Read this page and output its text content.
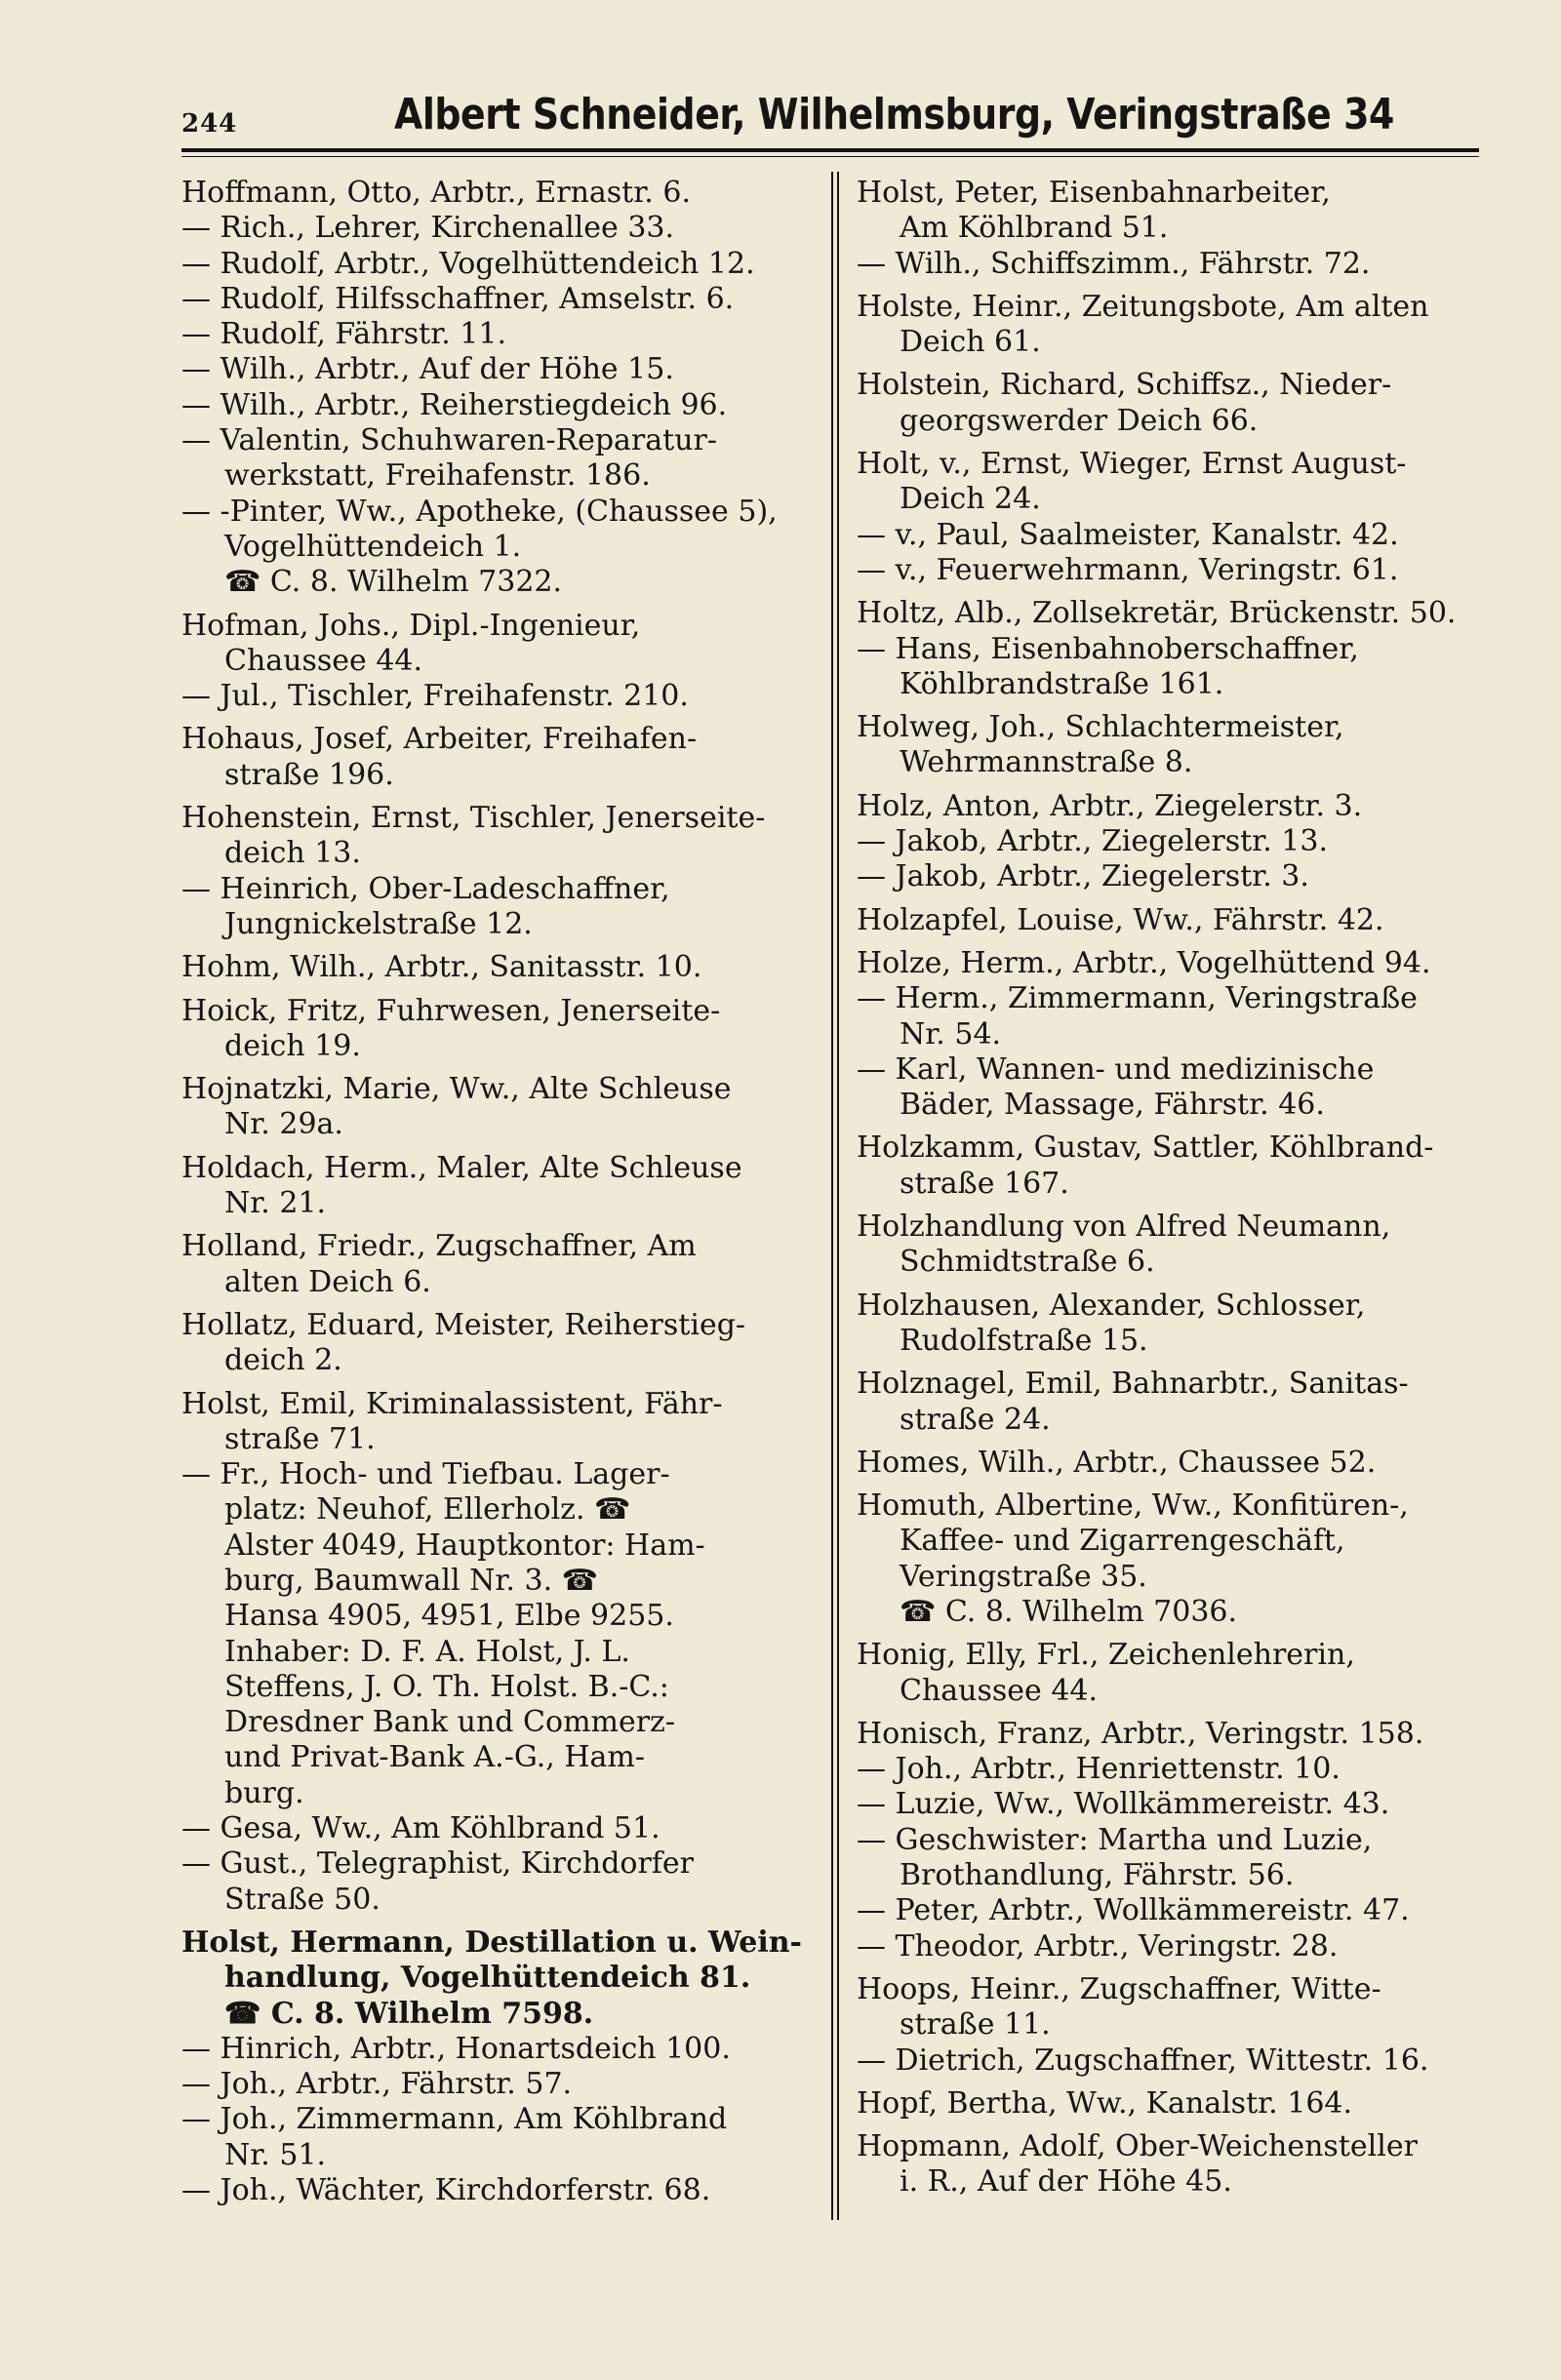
244	Albert Schneider, Wilhelmsburg, Veringstraße 34

Hoffmann, Otto, Arbtr., Ernastr. 6.

— Rich., Lehrer, Kirchenallee 33.

— Rudolf, Arbtr., Vogelhüttendeich 12.

— Rudolf, Hilfsschaffner, Amselstr. 6.

— Rudolf, Fährstr. 11.

— Wilh., Arbtr., Auf der Höhe 15.

— Wilh., Arbtr., Reiherstiegdeich 96.

— Valentin, Schuhwaren-Reparatur-
werkstatt, Freihafenstr. 186.

— -Pinter, Ww., Apotheke, (Chaussee 5),
Vogelhüttendeich 1.
☎ C. 8. Wilhelm 7322.

Hofman, Johs., Dipl.-Ingenieur,
Chaussee 44.

— Jul., Tischler, Freihafenstr. 210.

Hohaus, Josef, Arbeiter, Freihafen-
straße 196.

Hohenstein, Ernst, Tischler, Jenerseite-
deich 13.

— Heinrich, Ober-Ladeschaffner,
Jungnickelstraße 12.

Hohm, Wilh., Arbtr., Sanitasstr. 10.

Hoick, Fritz, Fuhrwesen, Jenerseite-
deich 19.

Hojnatzki, Marie, Ww., Alte Schleuse
Nr. 29a.

Holdach, Herm., Maler, Alte Schleuse
Nr. 21.

Holland, Friedr., Zugschaffner, Am
alten Deich 6.

Hollatz, Eduard, Meister, Reiherstieg-
deich 2.

Holst, Emil, Kriminalassistent, Fähr-
straße 71.

— Fr., Hoch- und Tiefbau. Lager-
platz: Neuhof, Ellerholz. ☎
Alster 4049, Hauptkontor: Ham-
burg, Baumwall Nr. 3. ☎
Hansa 4905, 4951, Elbe 9255.
Inhaber: D. F. A. Holst, J. L.
Steffens, J. O. Th. Holst. B.-C.:
Dresdner Bank und Commerz-
und Privat-Bank A.-G., Ham-
burg.

— Gesa, Ww., Am Köhlbrand 51.

— Gust., Telegraphist, Kirchdorfer
Straße 50.

Holst, Hermann, Destillation u. Wein-
handlung, Vogelhüttendeich 81.
☎ C. 8. Wilhelm 7598.

— Hinrich, Arbtr., Honartsdeich 100.

— Joh., Arbtr., Fährstr. 57.

— Joh., Zimmermann, Am Köhlbrand
Nr. 51.

— Joh., Wächter, Kirchdorferstr. 68.

Holst, Peter, Eisenbahnarbeiter,
Am Köhlbrand 51.

— Wilh., Schiffszimm., Fährstr. 72.

Holste, Heinr., Zeitungsbote, Am alten
Deich 61.

Holstein, Richard, Schiffsz., Nieder-
georgswerder Deich 66.

Holt, v., Ernst, Wieger, Ernst August-
Deich 24.

— v., Paul, Saalmeister, Kanalstr. 42.

— v., Feuerwehrmann, Veringstr. 61.

Holtz, Alb., Zollsekretär, Brückenstr. 50.

— Hans, Eisenbahnoberschaffner,
Köhlbrandstraße 161.

Holweg, Joh., Schlachtermeister,
Wehrmannstraße 8.

Holz, Anton, Arbtr., Ziegelerstr. 3.

— Jakob, Arbtr., Ziegelerstr. 13.

— Jakob, Arbtr., Ziegelerstr. 3.

Holzapfel, Louise, Ww., Fährstr. 42.

Holze, Herm., Arbtr., Vogelhüttend 94.

— Herm., Zimmermann, Veringstraße
Nr. 54.

— Karl, Wannen- und medizinische
Bäder, Massage, Fährstr. 46.

Holzkamm, Gustav, Sattler, Köhlbrand-
straße 167.

Holzhandlung von Alfred Neumann,
Schmidtstraße 6.

Holzhausen, Alexander, Schlosser,
Rudolfstraße 15.

Holznagel, Emil, Bahnarbtr., Sanitas-
straße 24.

Homes, Wilh., Arbtr., Chaussee 52.

Homuth, Albertine, Ww., Konfitüren-,
Kaffee- und Zigarrengeschäft,
Veringstraße 35.
☎ C. 8. Wilhelm 7036.

Honig, Elly, Frl., Zeichenlehrerin,
Chaussee 44.

Honisch, Franz, Arbtr., Veringstr. 158.

— Joh., Arbtr., Henriettenstr. 10.

— Luzie, Ww., Wollkämmereistr. 43.

— Geschwister: Martha und Luzie,
Brothandlung, Fährstr. 56.

— Peter, Arbtr., Wollkämmereistr. 47.

— Theodor, Arbtr., Veringstr. 28.

Hoops, Heinr., Zugschaffner, Witte-
straße 11.

— Dietrich, Zugschaffner, Wittestr. 16.

Hopf, Bertha, Ww., Kanalstr. 164.

Hopmann, Adolf, Ober-Weichensteller
i. R., Auf der Höhe 45.
